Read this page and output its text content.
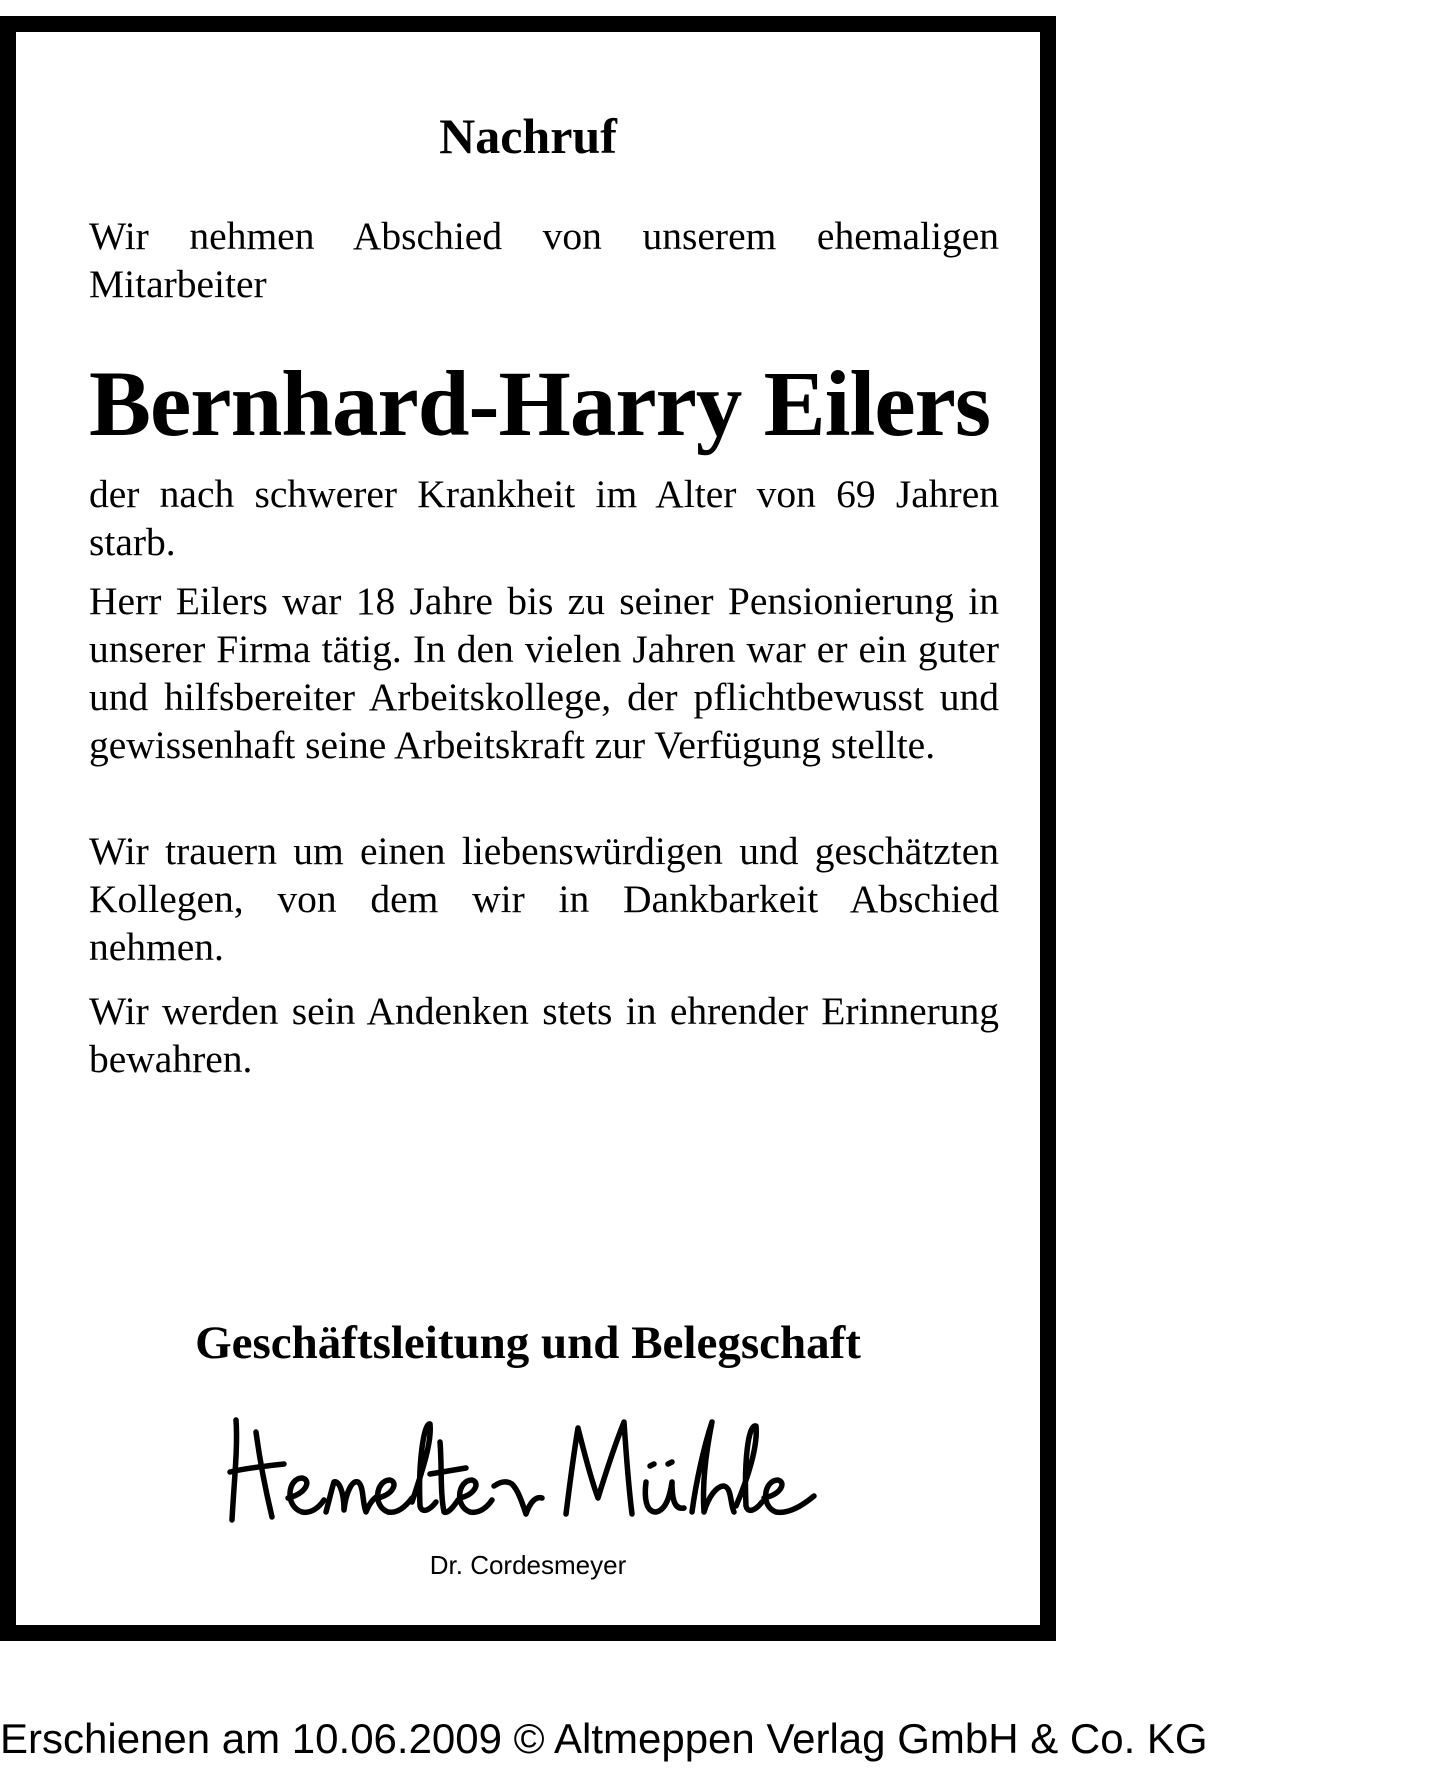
Nachruf

Wir nehmen Abschied von unserem ehemaligen Mitarbeiter

Bernhard-Harry Eilers

der nach schwerer Krankheit im Alter von 69 Jahren starb.

Herr Eilers war 18 Jahre bis zu seiner Pensionierung in unserer Firma tätig. In den vielen Jahren war er ein guter und hilfsbereiter Arbeitskollege, der pflichtbewusst und gewissenhaft seine Arbeitskraft zur Verfügung stellte.

Wir trauern um einen liebenswürdigen und geschätzten Kollegen, von dem wir in Dankbarkeit Abschied nehmen.

Wir werden sein Andenken stets in ehrender Erinnerung bewahren.

Geschäftsleitung und Belegschaft
Dr. Cordesmeyer
Erschienen am 10.06.2009 © Altmeppen Verlag GmbH & Co. KG
